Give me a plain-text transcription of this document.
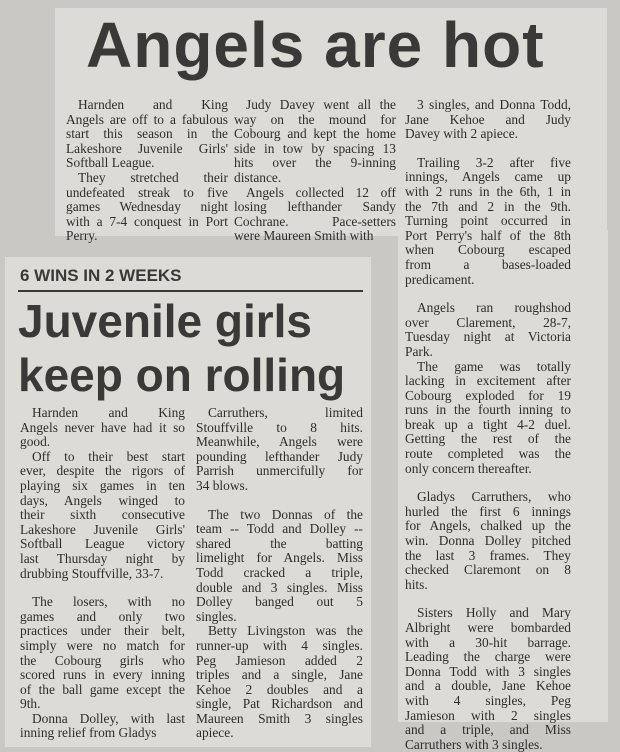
Angels are hot
Harnden and King
Angels are off to a fabulous
start this season in the
Lakeshore Juvenile Girls'
Softball League.
They stretched their
undefeated streak to five
games Wednesday night
with a 7-4 conquest in Port
Perry.
Judy Davey went all the
way on the mound for
Cobourg and kept the home
side in tow by spacing 13
hits over the 9-inning
distance.
Angels collected 12 off
losing lefthander Sandy
Cochrane. Pace-setters
were Maureen Smith with
3 singles, and Donna Todd,
Jane Kehoe and Judy
Davey with 2 apiece.
Trailing 3-2 after five
innings, Angels came up
with 2 runs in the 6th, 1 in
the 7th and 2 in the 9th.
Turning point occurred in
Port Perry's half of the 8th
when Cobourg escaped
from a bases-loaded
predicament.
Angels ran roughshod
over Clarement, 28-7,
Tuesday night at Victoria
Park.
The game was totally
lacking in excitement after
Cobourg exploded for 19
runs in the fourth inning to
break up a tight 4-2 duel.
Getting the rest of the
route completed was the
only concern thereafter.
Gladys Carruthers, who
hurled the first 6 innings
for Angels, chalked up the
win. Donna Dolley pitched
the last 3 frames. They
checked Claremont on 8
hits.
Sisters Holly and Mary
Albright were bombarded
with a 30-hit barrage.
Leading the charge were
Donna Todd with 3 singles
and a double, Jane Kehoe
with 4 singles, Peg
Jamieson with 2 singles
and a triple, and Miss
Carruthers with 3 singles.
6 WINS IN 2 WEEKS
Juvenile girls
keep on rolling
Harnden and King
Angels never have had it so
good.
Off to their best start
ever, despite the rigors of
playing six games in ten
days, Angels winged to
their sixth consecutive
Lakeshore Juvenile Girls'
Softball League victory
last Thursday night by
drubbing Stouffville, 33-7.
The losers, with no
games and only two
practices under their belt,
simply were no match for
the Cobourg girls who
scored runs in every inning
of the ball game except the
9th.
Donna Dolley, with last
inning relief from Gladys
Carruthers, limited
Stouffville to 8 hits.
Meanwhile, Angels were
pounding lefthander Judy
Parrish unmercifully for
34 blows.
The two Donnas of the
team -- Todd and Dolley --
shared the batting
limelight for Angels. Miss
Todd cracked a triple,
double and 3 singles. Miss
Dolley banged out 5
singles.
Betty Livingston was the
runner-up with 4 singles.
Peg Jamieson added 2
triples and a single, Jane
Kehoe 2 doubles and a
single, Pat Richardson and
Maureen Smith 3 singles
apiece.
